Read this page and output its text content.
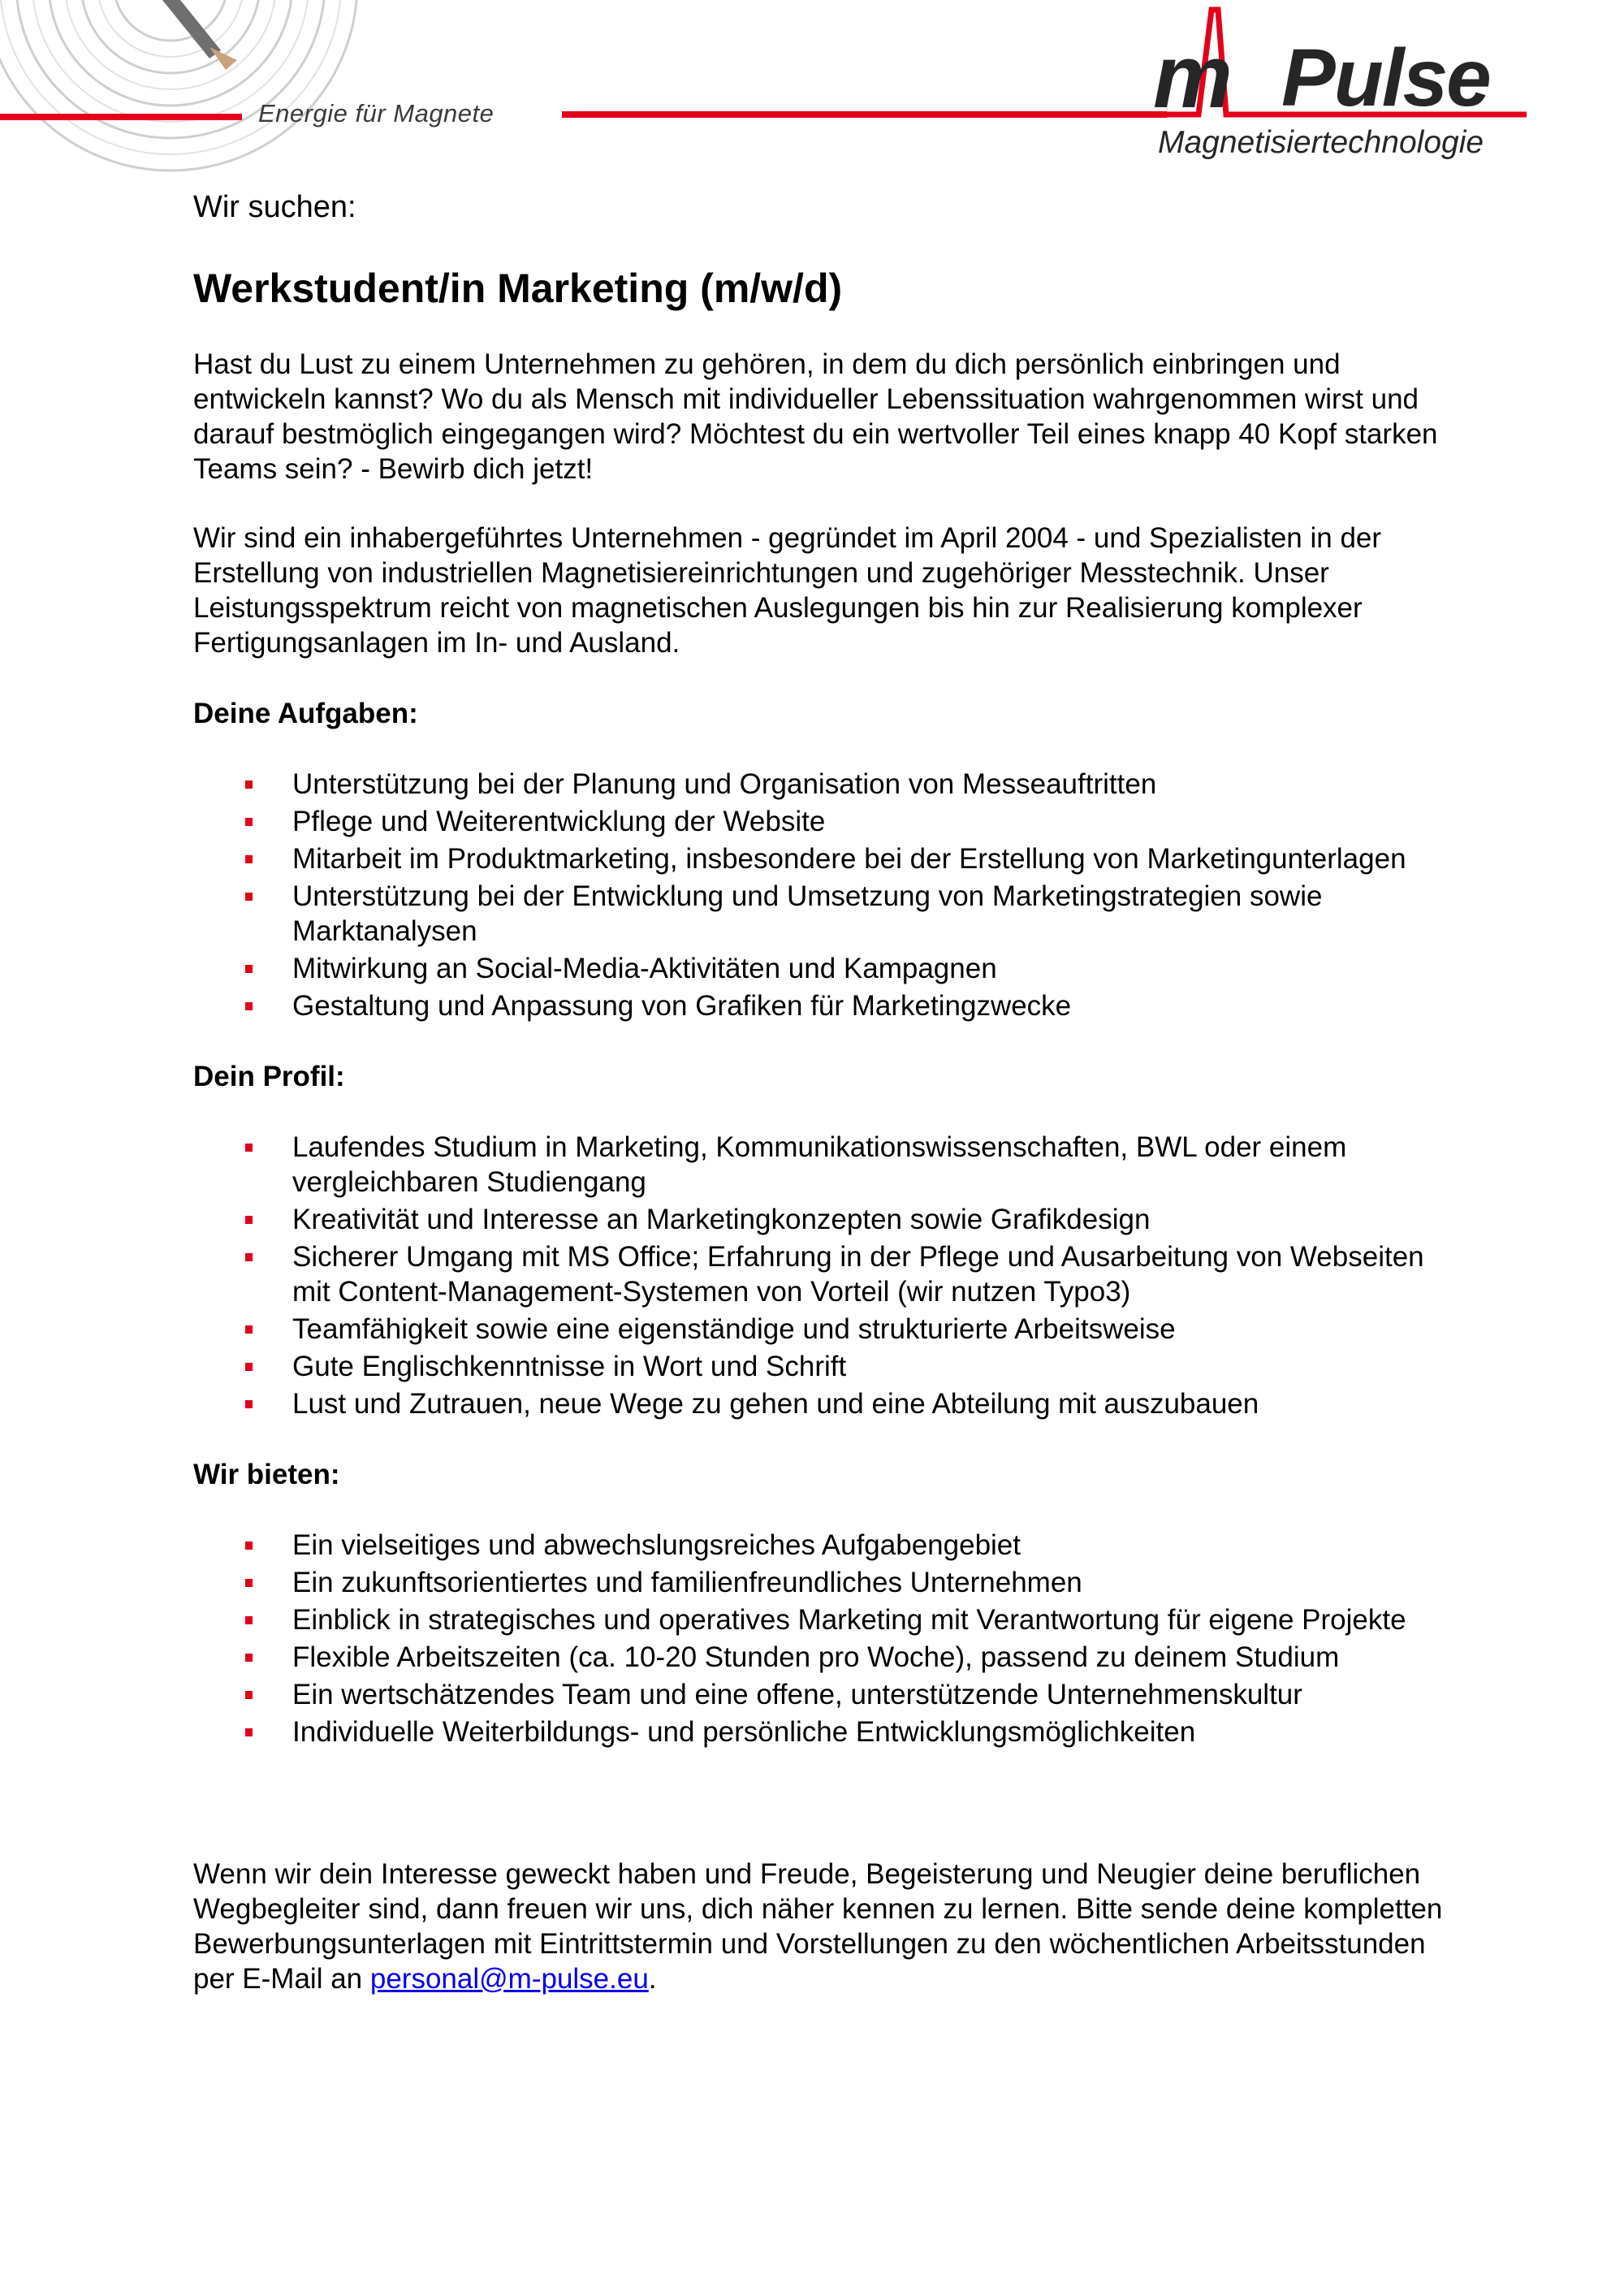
Energie für Magnete	m Pulse
Magnetisiertechnologie

Wir suchen:

Werkstudent/in Marketing (m/w/d)

Hast du Lust zu einem Unternehmen zu gehören, in dem du dich persönlich einbringen und entwickeln kannst? Wo du als Mensch mit individueller Lebenssituation wahrgenommen wirst und darauf bestmöglich eingegangen wird? Möchtest du ein wertvoller Teil eines knapp 40 Kopf starken Teams sein? - Bewirb dich jetzt!

Wir sind ein inhabergeführtes Unternehmen - gegründet im April 2004 - und Spezialisten in der Erstellung von industriellen Magnetisiereinrichtungen und zugehöriger Messtechnik. Unser Leistungsspektrum reicht von magnetischen Auslegungen bis hin zur Realisierung komplexer Fertigungsanlagen im In- und Ausland.

Deine Aufgaben:
Unterstützung bei der Planung und Organisation von Messeauftritten
Pflege und Weiterentwicklung der Website
Mitarbeit im Produktmarketing, insbesondere bei der Erstellung von Marketingunterlagen
Unterstützung bei der Entwicklung und Umsetzung von Marketingstrategien sowie Marktanalysen
Mitwirkung an Social-Media-Aktivitäten und Kampagnen
Gestaltung und Anpassung von Grafiken für Marketingzwecke
Dein Profil:
Laufendes Studium in Marketing, Kommunikationswissenschaften, BWL oder einem vergleichbaren Studiengang
Kreativität und Interesse an Marketingkonzepten sowie Grafikdesign
Sicherer Umgang mit MS Office; Erfahrung in der Pflege und Ausarbeitung von Webseiten mit Content-Management-Systemen von Vorteil (wir nutzen Typo3)
Teamfähigkeit sowie eine eigenständige und strukturierte Arbeitsweise
Gute Englischkenntnisse in Wort und Schrift
Lust und Zutrauen, neue Wege zu gehen und eine Abteilung mit auszubauen
Wir bieten:
Ein vielseitiges und abwechslungsreiches Aufgabengebiet
Ein zukunftsorientiertes und familienfreundliches Unternehmen
Einblick in strategisches und operatives Marketing mit Verantwortung für eigene Projekte
Flexible Arbeitszeiten (ca. 10-20 Stunden pro Woche), passend zu deinem Studium
Ein wertschätzendes Team und eine offene, unterstützende Unternehmenskultur
Individuelle Weiterbildungs- und persönliche Entwicklungsmöglichkeiten

Wenn wir dein Interesse geweckt haben und Freude, Begeisterung und Neugier deine beruflichen Wegbegleiter sind, dann freuen wir uns, dich näher kennen zu lernen. Bitte sende deine kompletten Bewerbungsunterlagen mit Eintrittstermin und Vorstellungen zu den wöchentlichen Arbeitsstunden per E-Mail an personal@m-pulse.eu.
